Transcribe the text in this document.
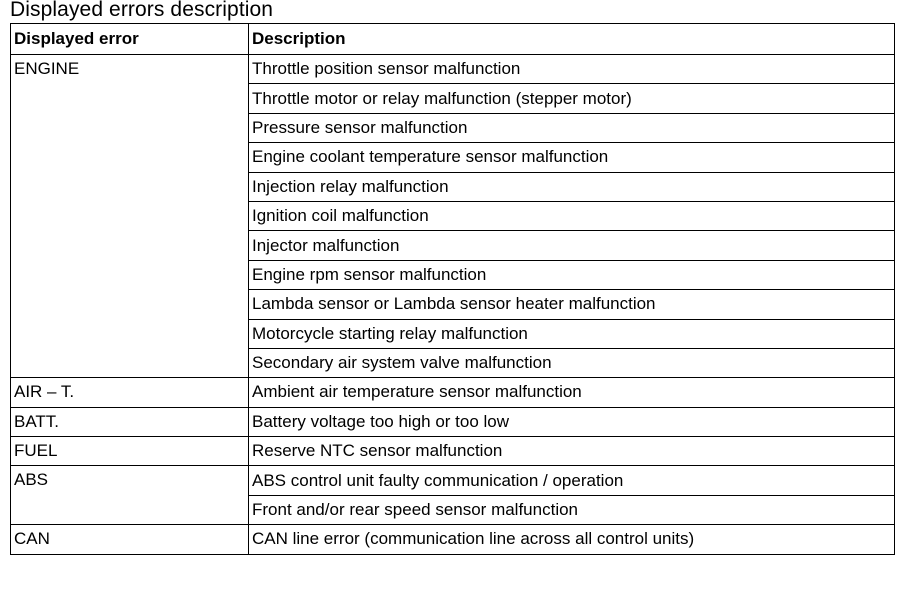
Displayed errors description
Displayed error	Description
ENGINE	Throttle position sensor malfunction
	Throttle motor or relay malfunction (stepper motor)
	Pressure sensor malfunction
	Engine coolant temperature sensor malfunction
	Injection relay malfunction
	Ignition coil malfunction
	Injector malfunction
	Engine rpm sensor malfunction
	Lambda sensor or Lambda sensor heater malfunction
	Motorcycle starting relay malfunction
	Secondary air system valve malfunction
AIR – T.	Ambient air temperature sensor malfunction
BATT.	Battery voltage too high or too low
FUEL	Reserve NTC sensor malfunction
ABS	ABS control unit faulty communication / operation
	Front and/or rear speed sensor malfunction
CAN	CAN line error (communication line across all control units)
